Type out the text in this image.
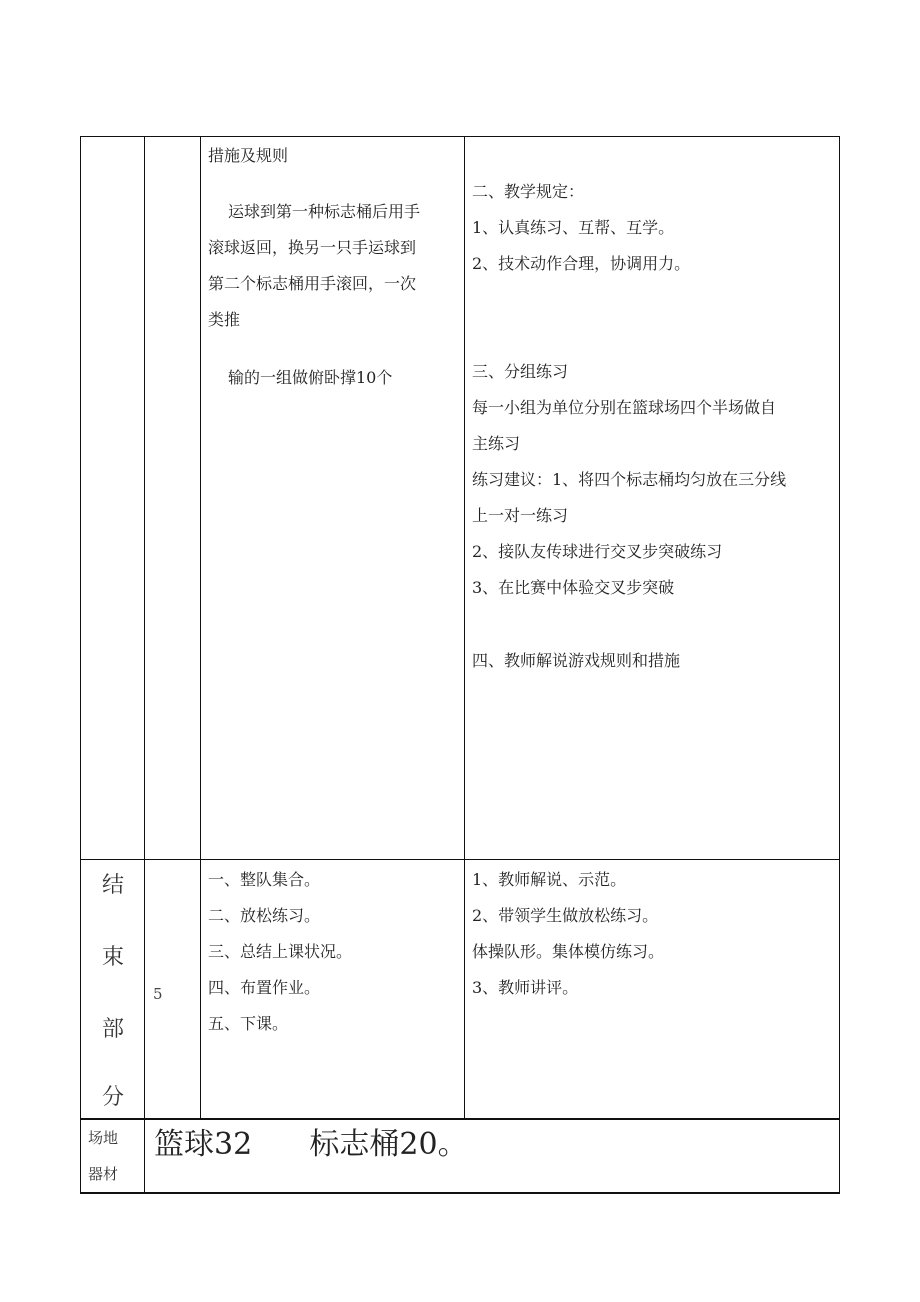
措施及规则

运球到第一种标志桶后用手

滚球返回，换另一只手运球到

第二个标志桶用手滚回，一次

类推

输的一组做俯卧撑10个

二、教学规定：

1、认真练习、互帮、互学。

2、技术动作合理，协调用力。

三、分组练习

每一小组为单位分别在篮球场四个半场做自

主练习

练习建议：1、将四个标志桶均匀放在三分线

上一对一练习

2、接队友传球进行交叉步突破练习

3、在比赛中体验交叉步突破

四、教师解说游戏规则和措施

结
束
部
分
5

一、整队集合。

二、放松练习。

三、总结上课状况。

四、布置作业。

五、下课。

1、教师解说、示范。

2、带领学生做放松练习。

体操队形。集体模仿练习。

3、教师讲评。

场地
器材
篮球32      标志桶20。
